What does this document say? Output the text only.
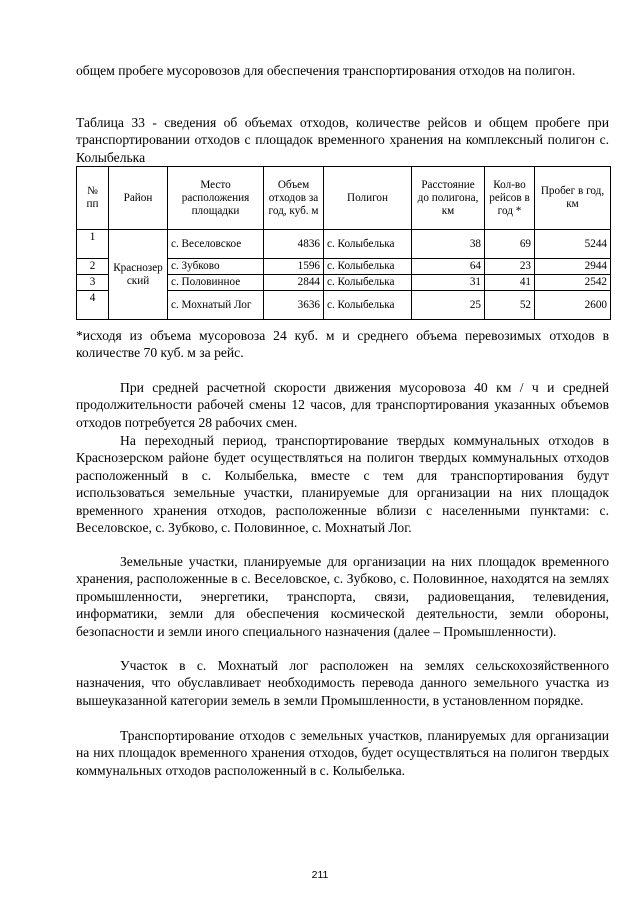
общем пробеге мусоровозов для обеспечения транспортирования отходов на полигон.

Таблица 33 - сведения об объемах отходов, количестве рейсов и общем пробеге при транспортировании отходов с площадок временного хранения на комплексный полигон с. Колыбелька

№ пп	Район	Место расположения площадки	Объем отходов за год, куб. м	Полигон	Расстояние до полигона, км	Кол-во рейсов в год *	Пробег в год, км
1	Краснозерский	с. Веселовское	4836	с. Колыбелька	38	69	5244
2		с. Зубково	1596	с. Колыбелька	64	23	2944
3		с. Половинное	2844	с. Колыбелька	31	41	2542
4		с. Мохнатый Лог	3636	с. Колыбелька	25	52	2600

*исходя из объема мусоровоза 24 куб. м и среднего объема перевозимых отходов в количестве 70 куб. м за рейс.

При средней расчетной скорости движения мусоровоза 40 км / ч и средней продолжительности рабочей смены 12 часов, для транспортирования указанных объемов отходов потребуется 28 рабочих смен.

На переходный период, транспортирование твердых коммунальных отходов в Краснозерском районе будет осуществляться на полигон твердых коммунальных отходов расположенный в с. Колыбелька, вместе с тем для транспортирования будут использоваться земельные участки, планируемые для организации на них площадок временного хранения отходов, расположенные вблизи с населенными пунктами: с. Веселовское, с. Зубково, с. Половинное, с. Мохнатый Лог.

Земельные участки, планируемые для организации на них площадок временного хранения, расположенные в с. Веселовское, с. Зубково, с. Половинное, находятся на землях промышленности, энергетики, транспорта, связи, радиовещания, телевидения, информатики, земли для обеспечения космической деятельности, земли обороны, безопасности и земли иного специального назначения (далее – Промышленности).

Участок в с. Мохнатый лог расположен на землях сельскохозяйственного назначения, что обуславливает необходимость перевода данного земельного участка из вышеуказанной категории земель в земли Промышленности, в установленном порядке.

Транспортирование отходов с земельных участков, планируемых для организации на них площадок временного хранения отходов, будет осуществляться на полигон твердых коммунальных отходов расположенный в с. Колыбелька.

211
